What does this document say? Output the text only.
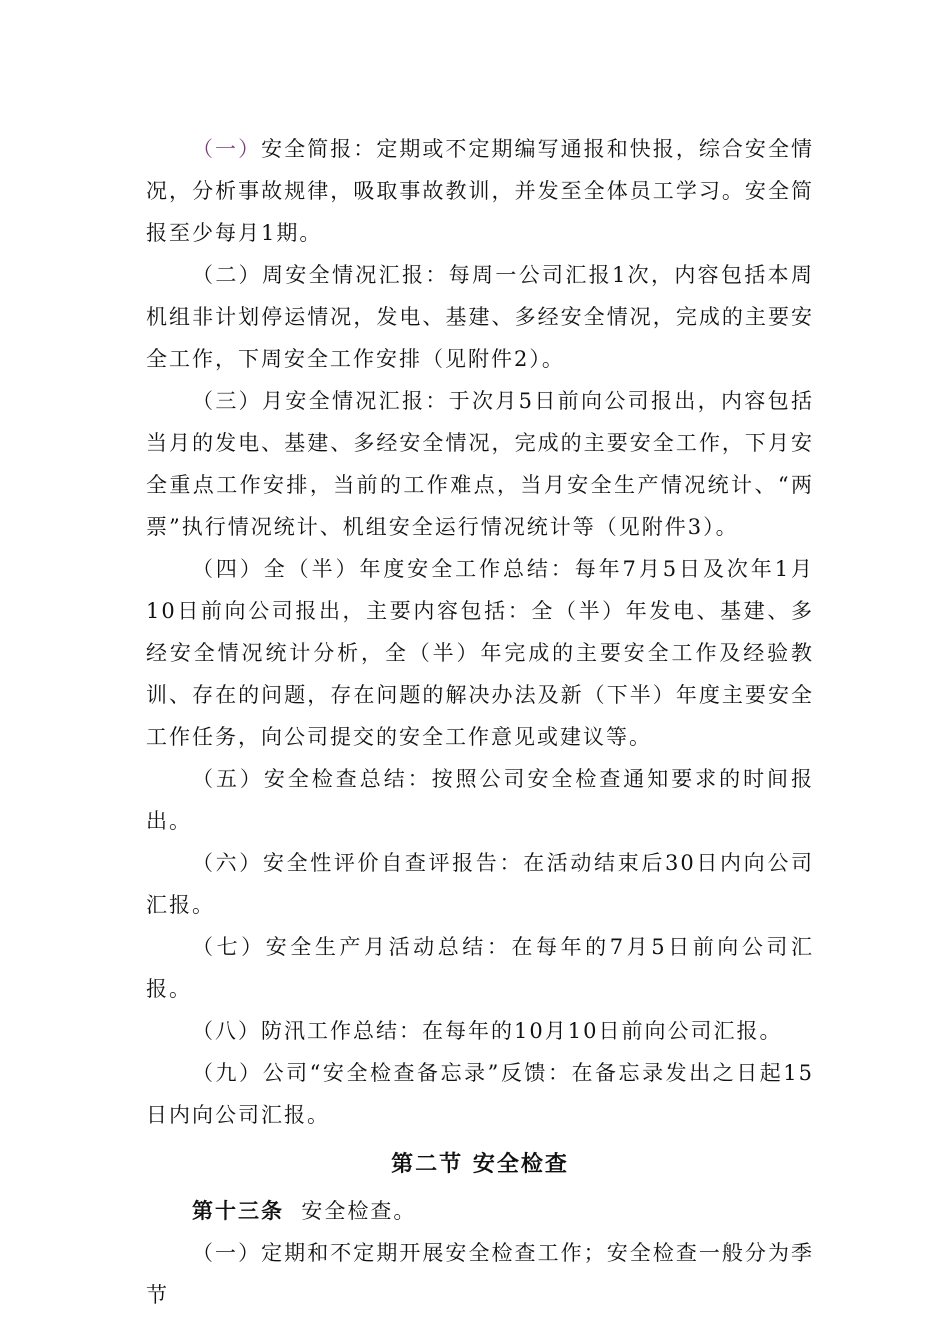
（一）安全简报：定期或不定期编写通报和快报，综合安全情况，分析事故规律，吸取事故教训，并发至全体员工学习。安全简报至少每月1期。

（二）周安全情况汇报：每周一公司汇报1次，内容包括本周机组非计划停运情况，发电、基建、多经安全情况，完成的主要安全工作，下周安全工作安排（见附件2）。

（三）月安全情况汇报：于次月5日前向公司报出，内容包括当月的发电、基建、多经安全情况，完成的主要安全工作，下月安全重点工作安排，当前的工作难点，当月安全生产情况统计、“两票”执行情况统计、机组安全运行情况统计等（见附件3）。

（四）全（半）年度安全工作总结：每年7月5日及次年1月10日前向公司报出，主要内容包括：全（半）年发电、基建、多经安全情况统计分析，全（半）年完成的主要安全工作及经验教训、存在的问题，存在问题的解决办法及新（下半）年度主要安全工作任务，向公司提交的安全工作意见或建议等。

（五）安全检查总结：按照公司安全检查通知要求的时间报出。

（六）安全性评价自查评报告：在活动结束后30日内向公司汇报。

（七）安全生产月活动总结：在每年的7月5日前向公司汇报。

（八）防汛工作总结：在每年的10月10日前向公司汇报。

（九）公司“安全检查备忘录”反馈：在备忘录发出之日起15日内向公司汇报。

第二节 安全检查

第十三条 安全检查。

（一）定期和不定期开展安全检查工作；安全检查一般分为季节
